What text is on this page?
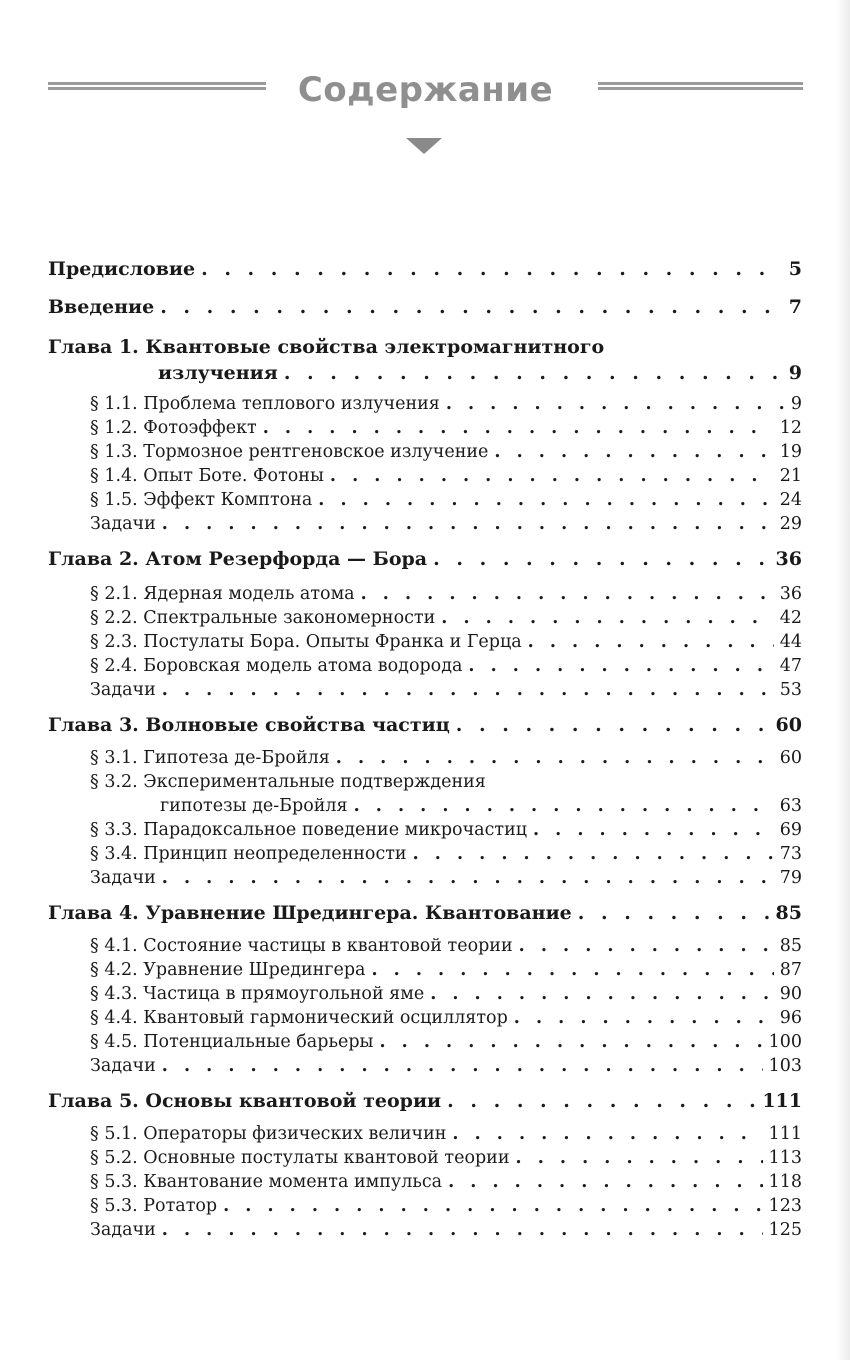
Содержание
Предисловие . . .	5
Введение . . .	7
Глава 1. Квантовые свойства электромагнитного
излучения . . .	9
§ 1.1. Проблема теплового излучения . . .	9
§ 1.2. Фотоэффект . . .	12
§ 1.3. Тормозное рентгеновское излучение . . .	19
§ 1.4. Опыт Боте. Фотоны . . .	21
§ 1.5. Эффект Комптона . . .	24
Задачи . . .	29
Глава 2. Атом Резерфорда — Бора . . .	36
§ 2.1. Ядерная модель атома . . .	36
§ 2.2. Спектральные закономерности . . .	42
§ 2.3. Постулаты Бора. Опыты Франка и Герца . . .	44
§ 2.4. Боровская модель атома водорода . . .	47
Задачи . . .	53
Глава 3. Волновые свойства частиц . . .	60
§ 3.1. Гипотеза де-Бройля . . .	60
§ 3.2. Экспериментальные подтверждения
гипотезы де-Бройля . . .	63
§ 3.3. Парадоксальное поведение микрочастиц . . .	69
§ 3.4. Принцип неопределенности . . .	73
Задачи . . .	79
Глава 4. Уравнение Шредингера. Квантование . . .	85
§ 4.1. Состояние частицы в квантовой теории . . .	85
§ 4.2. Уравнение Шредингера . . .	87
§ 4.3. Частица в прямоугольной яме . . .	90
§ 4.4. Квантовый гармонический осциллятор . . .	96
§ 4.5. Потенциальные барьеры . . .	100
Задачи . . .	103
Глава 5. Основы квантовой теории . . .	111
§ 5.1. Операторы физических величин . . .	111
§ 5.2. Основные постулаты квантовой теории . . .	113
§ 5.3. Квантование момента импульса . . .	118
§ 5.3. Ротатор . . .	123
Задачи . . .	125
